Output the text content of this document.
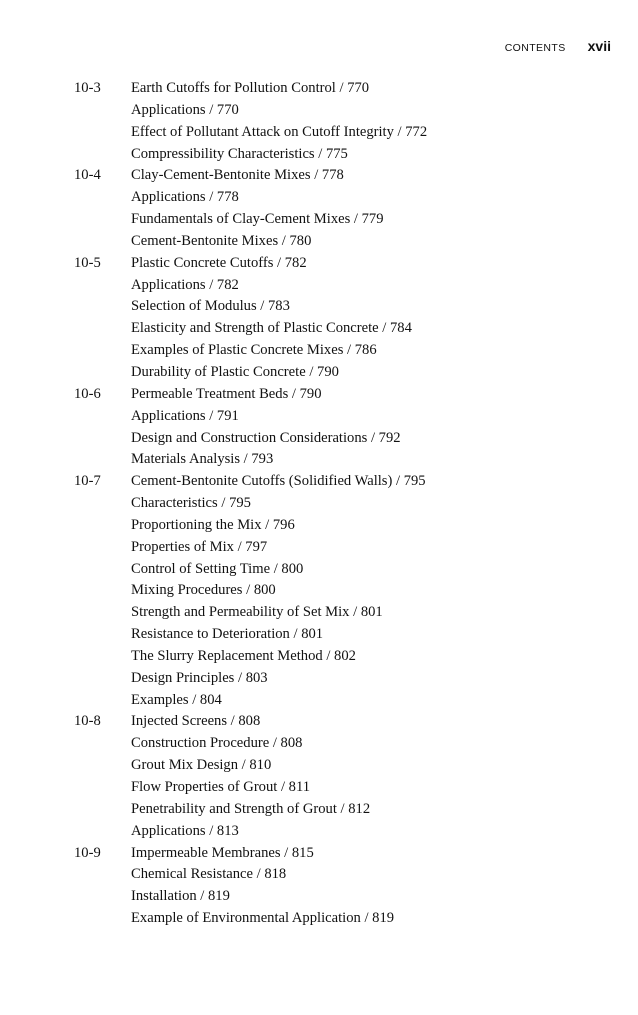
CONTENTS xvii
10-3 Earth Cutoffs for Pollution Control / 770
Applications / 770
Effect of Pollutant Attack on Cutoff Integrity / 772
Compressibility Characteristics / 775
10-4 Clay-Cement-Bentonite Mixes / 778
Applications / 778
Fundamentals of Clay-Cement Mixes / 779
Cement-Bentonite Mixes / 780
10-5 Plastic Concrete Cutoffs / 782
Applications / 782
Selection of Modulus / 783
Elasticity and Strength of Plastic Concrete / 784
Examples of Plastic Concrete Mixes / 786
Durability of Plastic Concrete / 790
10-6 Permeable Treatment Beds / 790
Applications / 791
Design and Construction Considerations / 792
Materials Analysis / 793
10-7 Cement-Bentonite Cutoffs (Solidified Walls) / 795
Characteristics / 795
Proportioning the Mix / 796
Properties of Mix / 797
Control of Setting Time / 800
Mixing Procedures / 800
Strength and Permeability of Set Mix / 801
Resistance to Deterioration / 801
The Slurry Replacement Method / 802
Design Principles / 803
Examples / 804
10-8 Injected Screens / 808
Construction Procedure / 808
Grout Mix Design / 810
Flow Properties of Grout / 811
Penetrability and Strength of Grout / 812
Applications / 813
10-9 Impermeable Membranes / 815
Chemical Resistance / 818
Installation / 819
Example of Environmental Application / 819
